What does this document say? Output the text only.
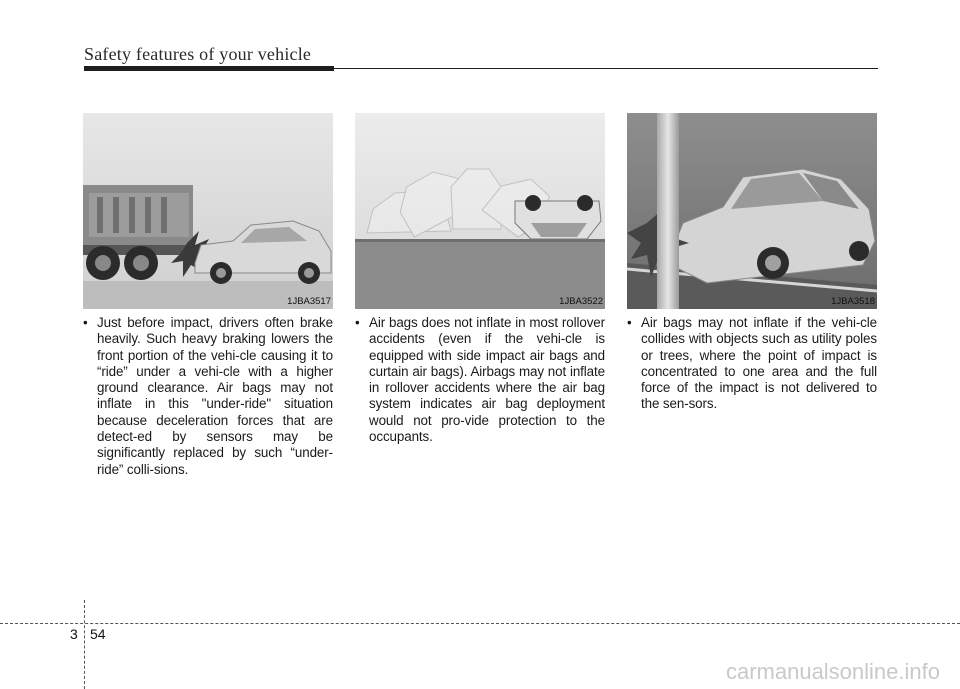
Safety features of your vehicle
1JBA3517
• Just before impact, drivers often brake heavily. Such heavy braking lowers the front portion of the vehi-cle causing it to “ride” under a vehi-cle with a higher ground clearance. Air bags may not inflate in this "under-ride" situation because deceleration forces that are detect-ed by sensors may be significantly replaced by such “under-ride” colli-sions.
1JBA3522
• Air bags does not inflate in most rollover accidents (even if the vehi-cle is equipped with side impact air bags and curtain air bags). Airbags may not inflate in rollover accidents where the air bag system indicates air bag deployment would not pro-vide protection to the occupants.
1JBA3518
• Air bags may not inflate if the vehi-cle collides with objects such as utility poles or trees, where the point of impact is concentrated to one area and the full force of the impact is not delivered to the sen-sors.
3 54
carmanualsonline.info
